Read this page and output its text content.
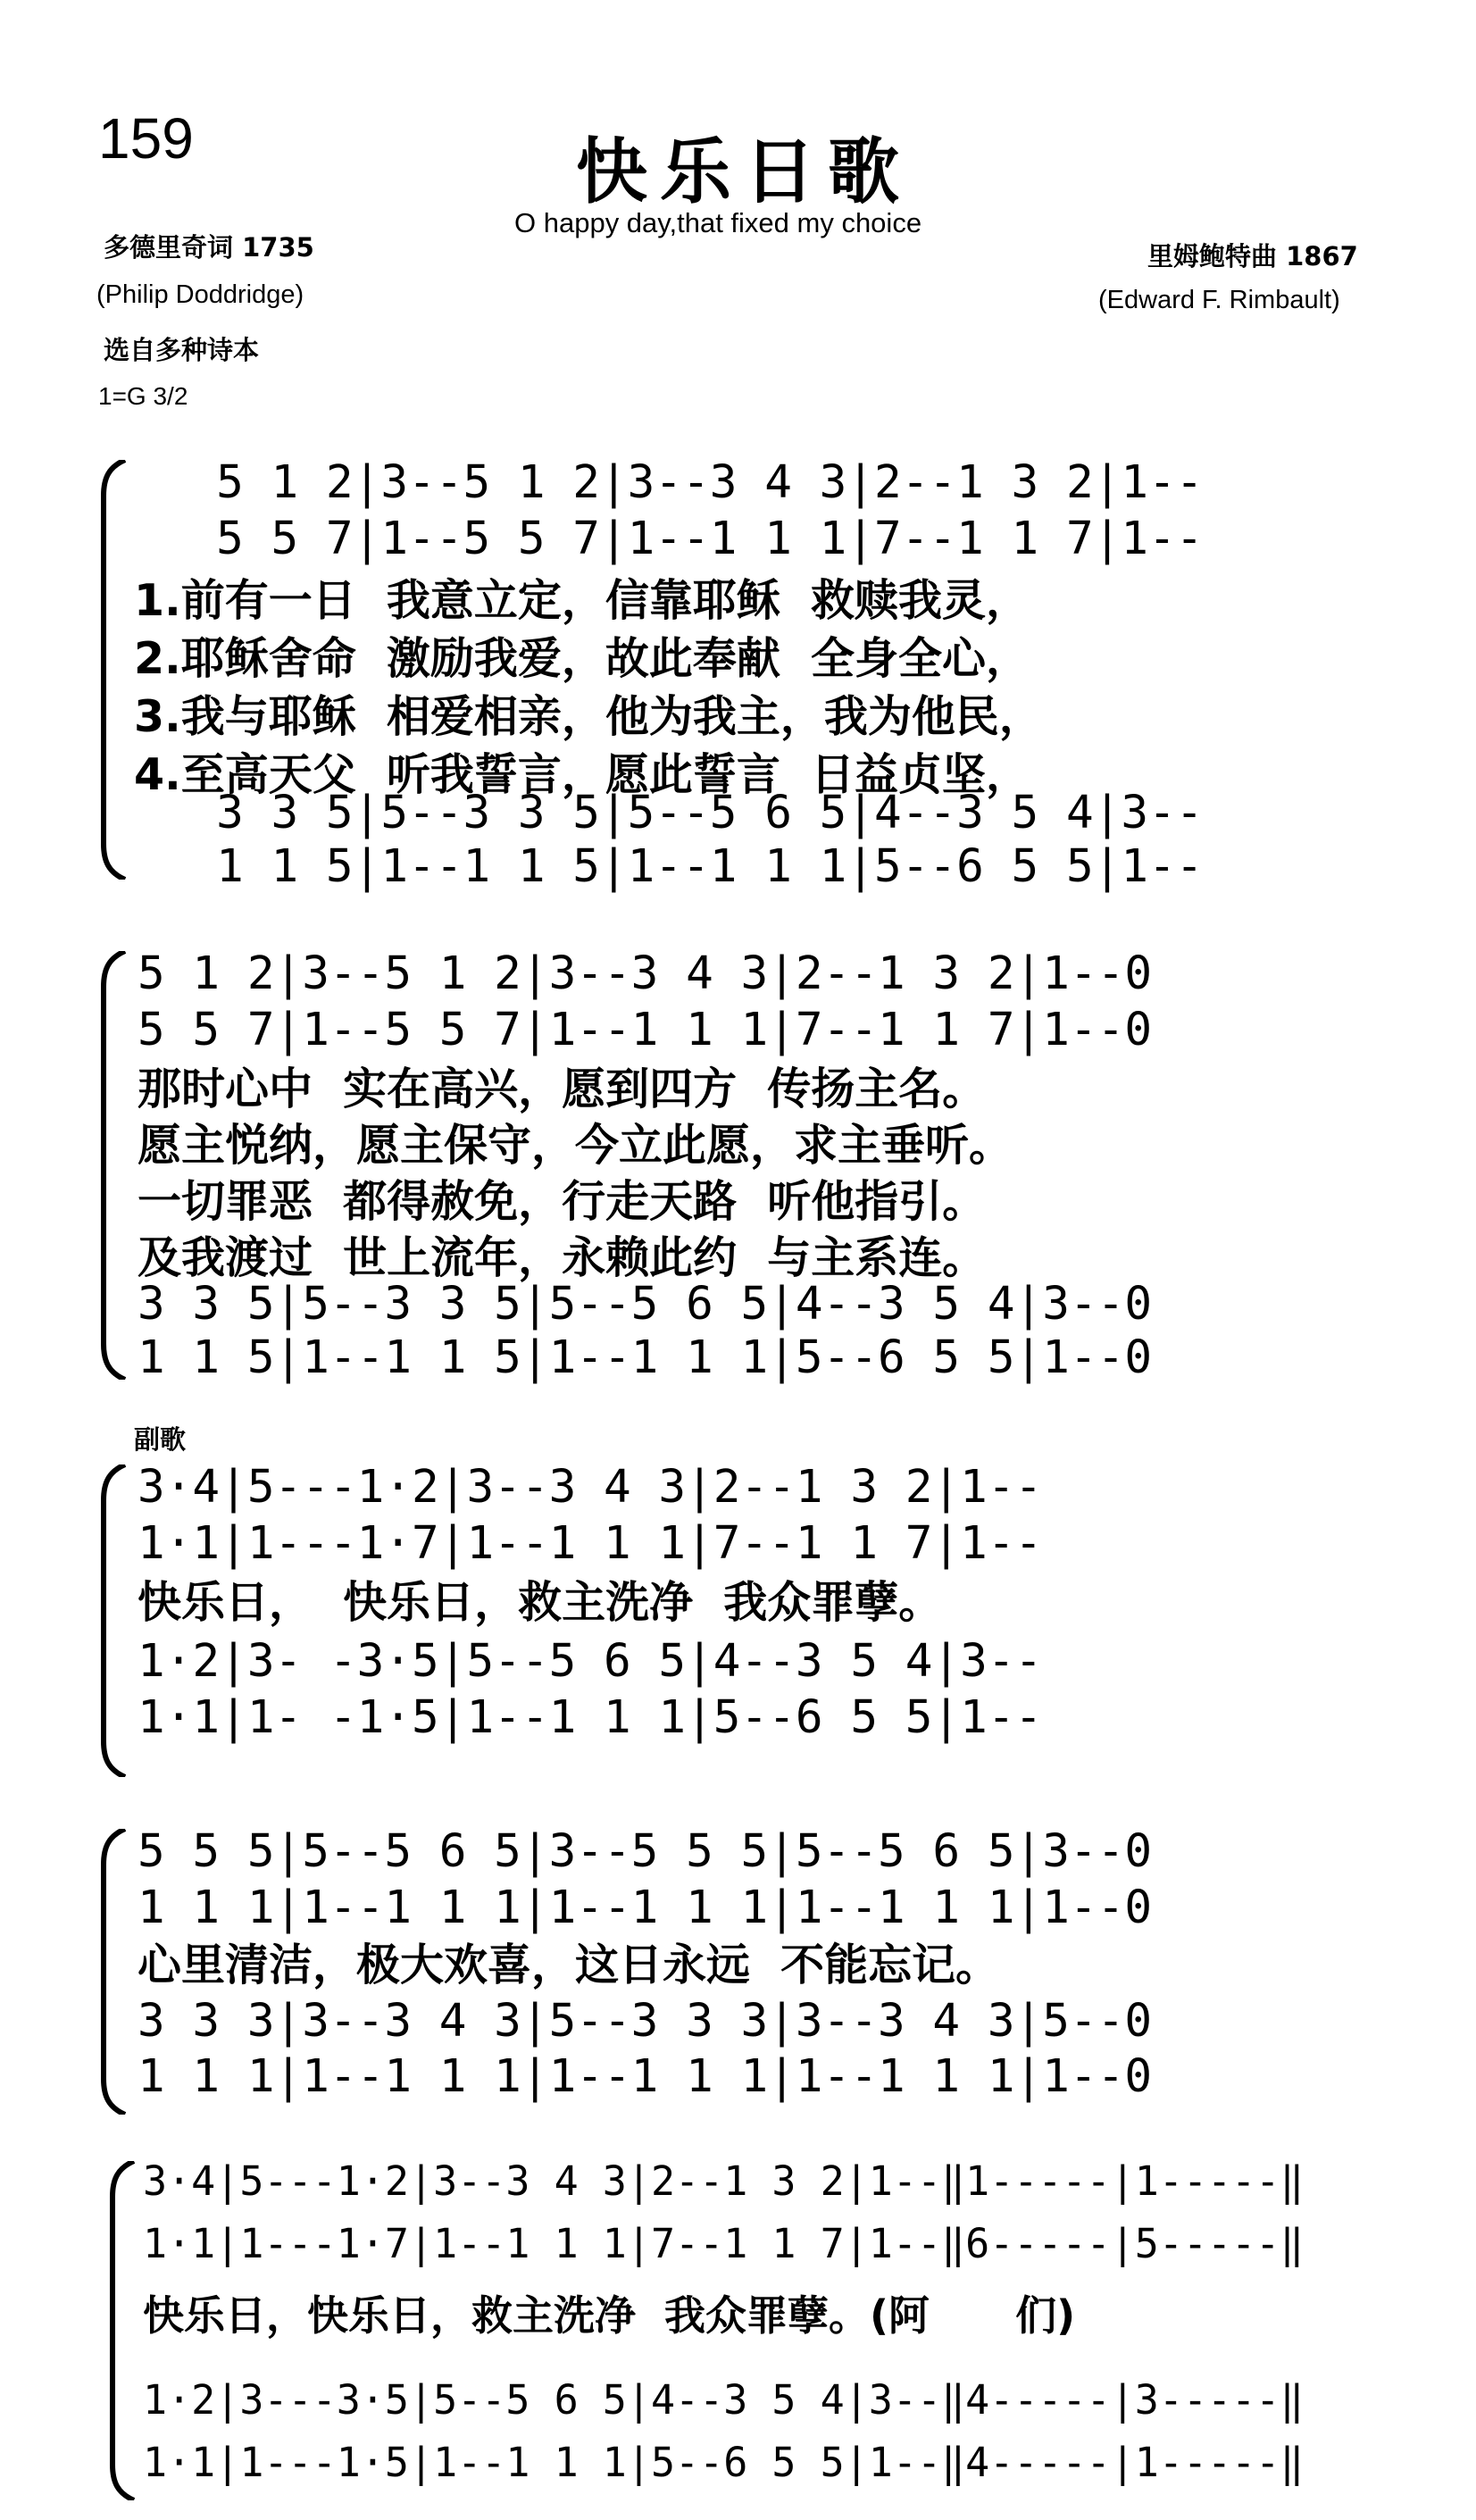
159	快乐日歌
O happy day,that fixed my choice
多德里奇词 1735
(Philip Doddridge)
选自多种诗本
1=G 3/2
里姆鲍特曲 1867
(Edward F. Rimbault)
5 1 2|3--5 1 2|3--3 4 3|2--1 3 2|1--
5 5 7|1--5 5 7|1--1 1 1|7--1 1 7|1--
1.前有一日  我意立定，信靠耶稣  救赎我灵，
2.耶稣舍命  激励我爱，故此奉献  全身全心，
3.我与耶稣  相爱相亲，他为我主，我为他民，
4.至高天父  听我誓言，愿此誓言  日益贞坚，
3 3 5|5--3 3 5|5--5 6 5|4--3 5 4|3--
1 1 5|1--1 1 5|1--1 1 1|5--6 5 5|1--
5 1 2|3--5 1 2|3--3 4 3|2--1 3 2|1--0
5 5 7|1--5 5 7|1--1 1 1|7--1 1 7|1--0
那时心中  实在高兴，愿到四方  传扬主名。
愿主悦纳，愿主保守，今立此愿，求主垂听。
一切罪恶  都得赦免，行走天路  听他指引。
及我渡过  世上流年，永赖此约  与主系连。
3 3 5|5--3 3 5|5--5 6 5|4--3 5 4|3--0
1 1 5|1--1 1 5|1--1 1 1|5--6 5 5|1--0
副歌
3·4|5---1·2|3--3 4 3|2--1 3 2|1--
1·1|1---1·7|1--1 1 1|7--1 1 7|1--
快乐日，  快乐日，救主洗净  我众罪孽。
1·2|3- -3·5|5--5 6 5|4--3 5 4|3--
1·1|1- -1·5|1--1 1 1|5--6 5 5|1--
5 5 5|5--5 6 5|3--5 5 5|5--5 6 5|3--0
1 1 1|1--1 1 1|1--1 1 1|1--1 1 1|1--0
心里清洁，极大欢喜，这日永远  不能忘记。
3 3 3|3--3 4 3|5--3 3 3|3--3 4 3|5--0
1 1 1|1--1 1 1|1--1 1 1|1--1 1 1|1--0
3·4|5---1·2|3--3 4 3|2--1 3 2|1--‖1-----|1-----‖
1·1|1---1·7|1--1 1 1|7--1 1 7|1--‖6-----|5-----‖
快乐日，快乐日，救主洗净  我众罪孽。(阿      们)
1·2|3---3·5|5--5 6 5|4--3 5 4|3--‖4-----|3-----‖
1·1|1---1·5|1--1 1 1|5--6 5 5|1--‖4-----|1-----‖
